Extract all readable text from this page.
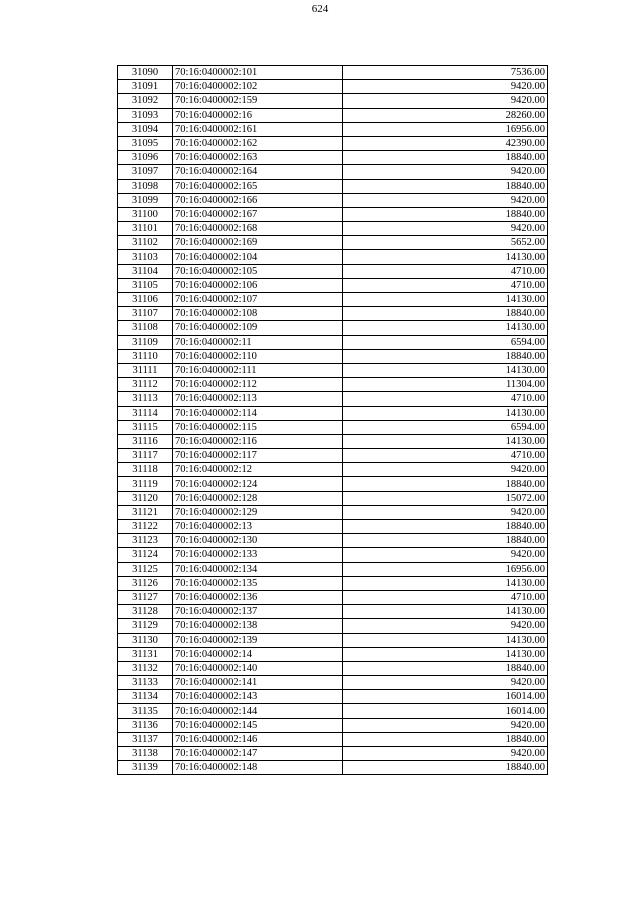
624
31090	70:16:0400002:101	7536.00
31091	70:16:0400002:102	9420.00
31092	70:16:0400002:159	9420.00
31093	70:16:0400002:16	28260.00
31094	70:16:0400002:161	16956.00
31095	70:16:0400002:162	42390.00
31096	70:16:0400002:163	18840.00
31097	70:16:0400002:164	9420.00
31098	70:16:0400002:165	18840.00
31099	70:16:0400002:166	9420.00
31100	70:16:0400002:167	18840.00
31101	70:16:0400002:168	9420.00
31102	70:16:0400002:169	5652.00
31103	70:16:0400002:104	14130.00
31104	70:16:0400002:105	4710.00
31105	70:16:0400002:106	4710.00
31106	70:16:0400002:107	14130.00
31107	70:16:0400002:108	18840.00
31108	70:16:0400002:109	14130.00
31109	70:16:0400002:11	6594.00
31110	70:16:0400002:110	18840.00
31111	70:16:0400002:111	14130.00
31112	70:16:0400002:112	11304.00
31113	70:16:0400002:113	4710.00
31114	70:16:0400002:114	14130.00
31115	70:16:0400002:115	6594.00
31116	70:16:0400002:116	14130.00
31117	70:16:0400002:117	4710.00
31118	70:16:0400002:12	9420.00
31119	70:16:0400002:124	18840.00
31120	70:16:0400002:128	15072.00
31121	70:16:0400002:129	9420.00
31122	70:16:0400002:13	18840.00
31123	70:16:0400002:130	18840.00
31124	70:16:0400002:133	9420.00
31125	70:16:0400002:134	16956.00
31126	70:16:0400002:135	14130.00
31127	70:16:0400002:136	4710.00
31128	70:16:0400002:137	14130.00
31129	70:16:0400002:138	9420.00
31130	70:16:0400002:139	14130.00
31131	70:16:0400002:14	14130.00
31132	70:16:0400002:140	18840.00
31133	70:16:0400002:141	9420.00
31134	70:16:0400002:143	16014.00
31135	70:16:0400002:144	16014.00
31136	70:16:0400002:145	9420.00
31137	70:16:0400002:146	18840.00
31138	70:16:0400002:147	9420.00
31139	70:16:0400002:148	18840.00
